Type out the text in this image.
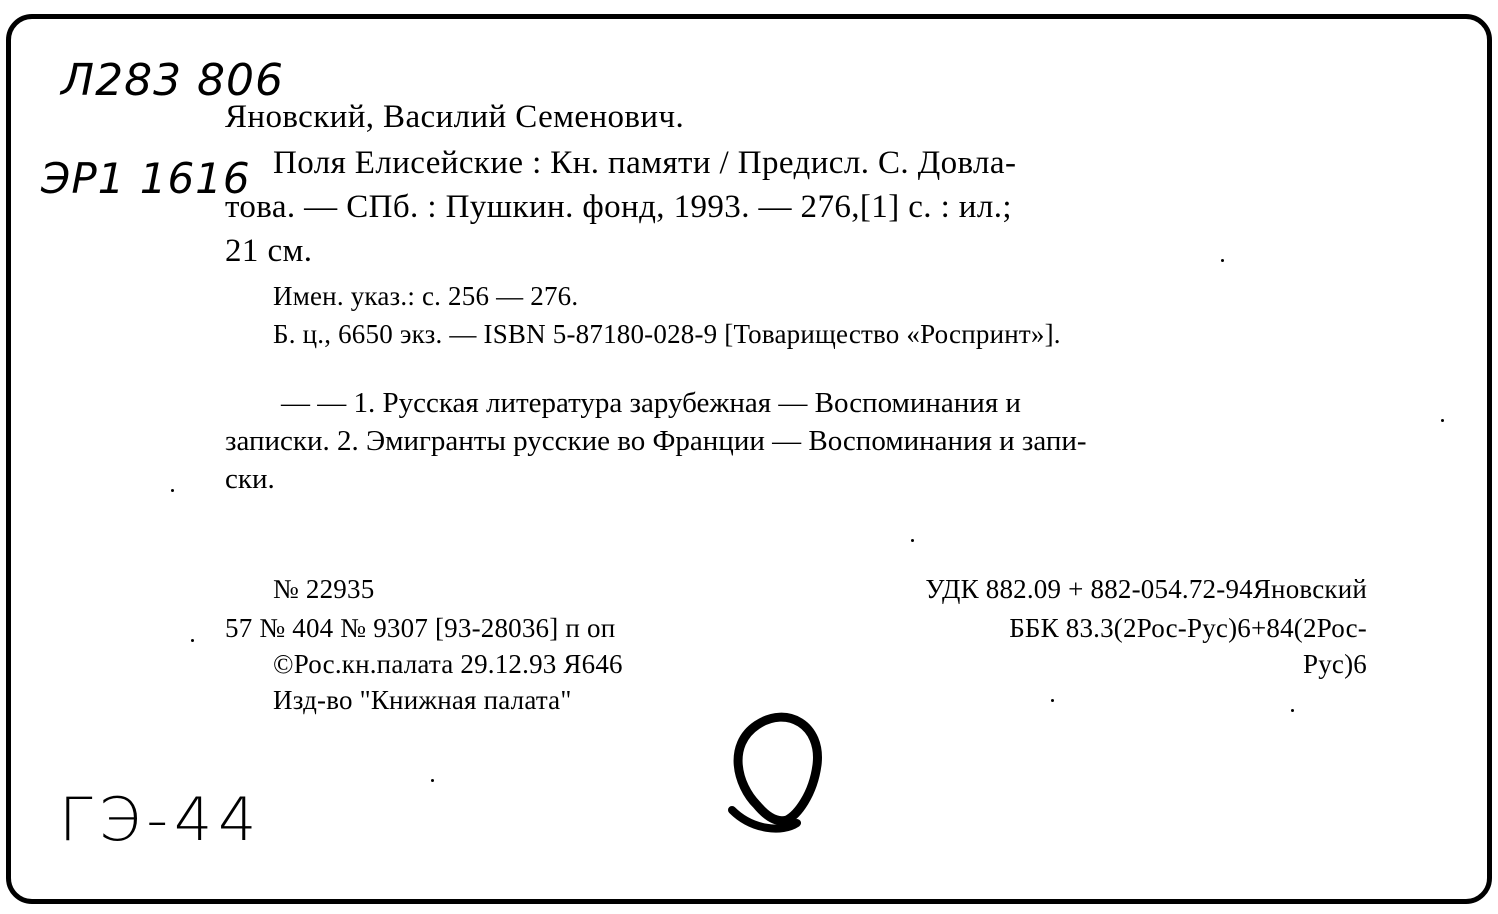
Л283 806
ЭР1 1616
ГЭ-44
Яновский, Василий Семенович.
Поля Елисейские : Кн. памяти / Предисл. С. Довла-
това. — СПб. : Пушкин. фонд, 1993. — 276,[1] с. : ил.;
21 см.
Имен. указ.: с. 256 — 276.
Б. ц., 6650 экз. — ISBN 5-87180-028-9 [Товарищество «Роспринт»].
— — 1. Русская литература зарубежная — Воспоминания и
записки. 2. Эмигранты русские во Франции — Воспоминания и запи-
ски.
№ 22935
57 № 404 № 9307 [93-28036] п оп
©Рос.кн.палата 29.12.93 Я646
Изд-во "Книжная палата"
УДК 882.09 + 882-054.72-94Яновский
ББК 83.3(2Рос-Рус)6+84(2Рос-
Рус)6
